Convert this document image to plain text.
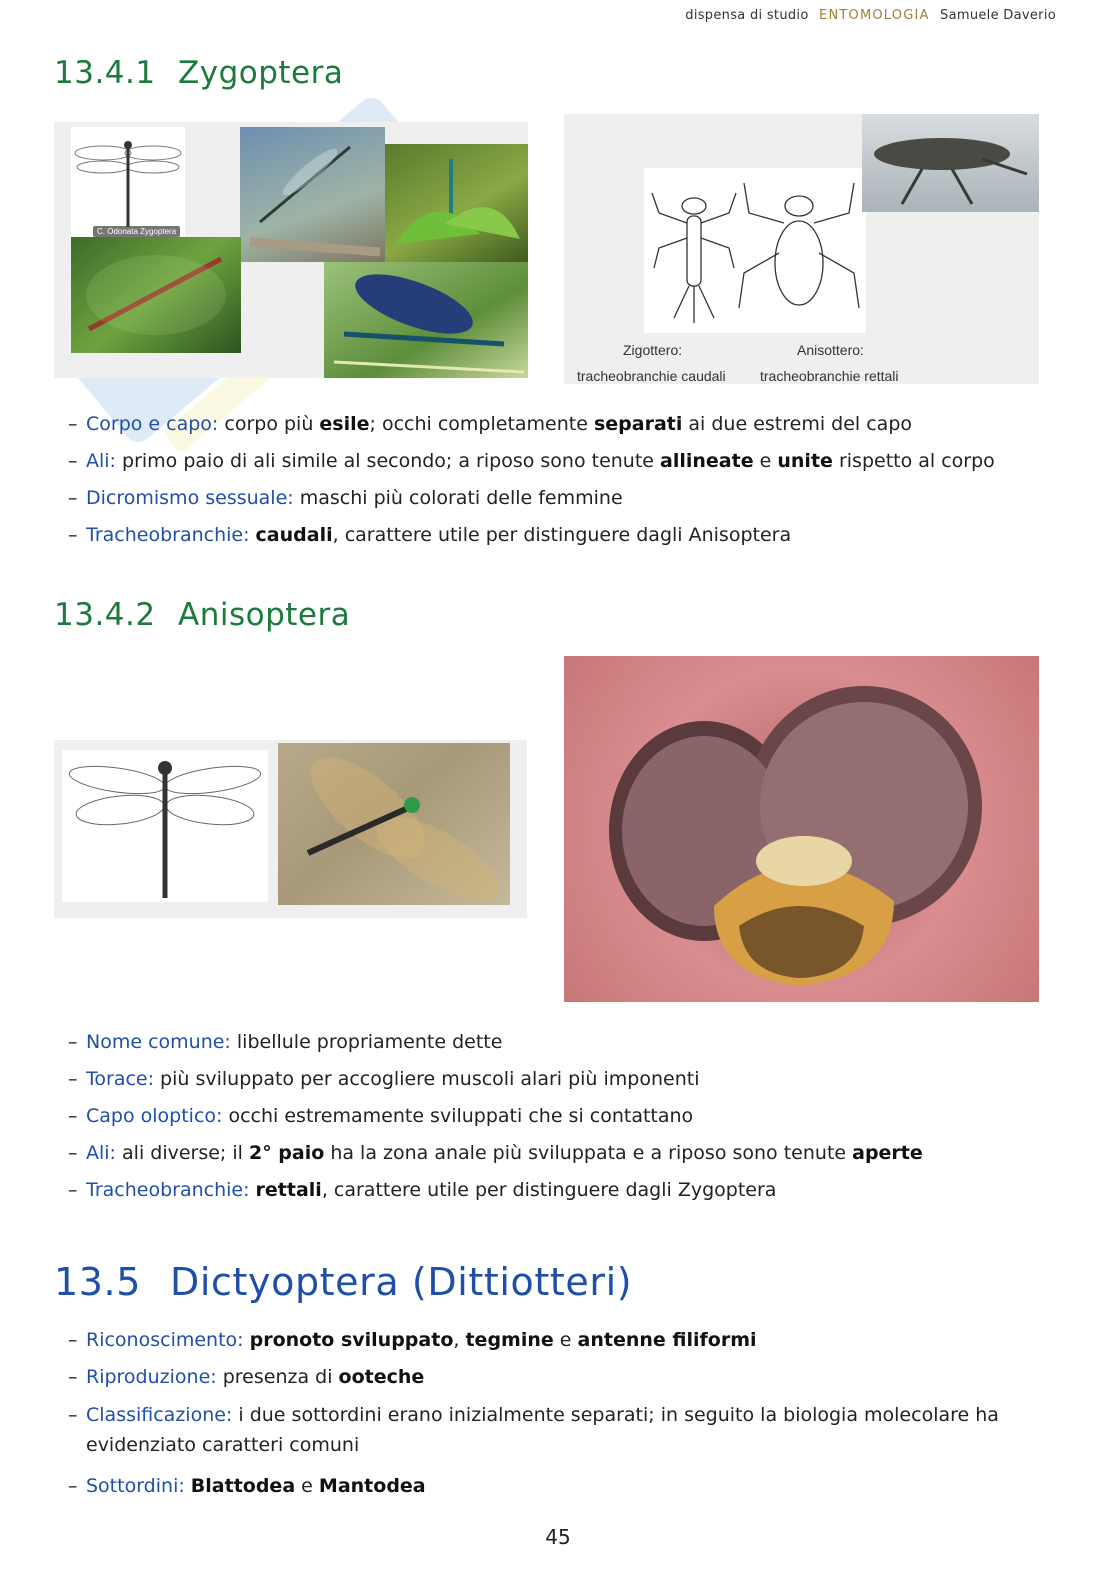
dispensa di studio ENTOMOLOGIA Samuele Daverio
13.4.1 Zygoptera
C. Odonata Zygoptera
Zigottero:
tracheobranchie caudali
Anisottero:
tracheobranchie rettali
– Corpo e capo: corpo più esile; occhi completamente separati ai due estremi del capo
– Ali: primo paio di ali simile al secondo; a riposo sono tenute allineate e unite rispetto al corpo
– Dicromismo sessuale: maschi più colorati delle femmine
– Tracheobranchie: caudali, carattere utile per distinguere dagli Anisoptera
13.4.2 Anisoptera
– Nome comune: libellule propriamente dette
– Torace: più sviluppato per accogliere muscoli alari più imponenti
– Capo oloptico: occhi estremamente sviluppati che si contattano
– Ali: ali diverse; il 2° paio ha la zona anale più sviluppata e a riposo sono tenute aperte
– Tracheobranchie: rettali, carattere utile per distinguere dagli Zygoptera
13.5 Dictyoptera (Dittiotteri)
– Riconoscimento: pronoto sviluppato, tegmine e antenne filiformi
– Riproduzione: presenza di ooteche
– Classificazione: i due sottordini erano inizialmente separati; in seguito la biologia molecolare ha evidenziato caratteri comuni
– Sottordini: Blattodea e Mantodea
45
